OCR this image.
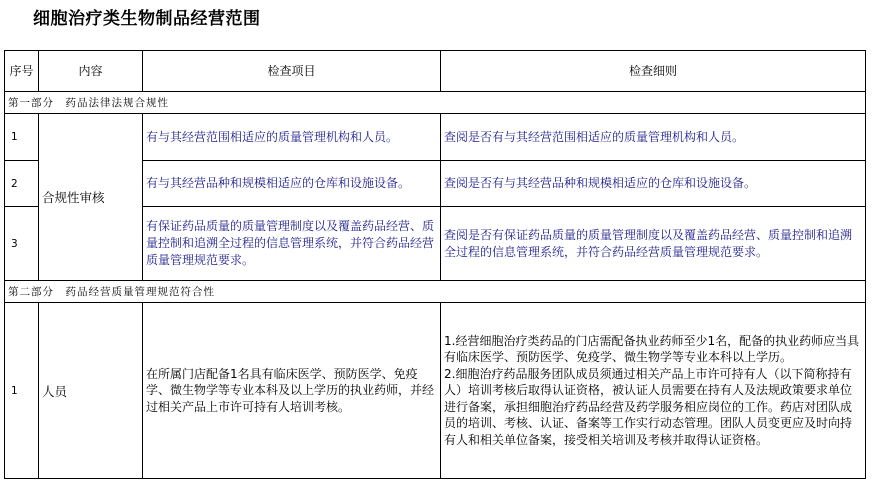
细胞治疗类生物制品经营范围
序号	内容	检查项目	检查细则
第一部分　药品法律法规合规性			
1	合规性审核	有与其经营范围相适应的质量管理机构和人员。	查阅是否有与其经营范围相适应的质量管理机构和人员。
2		有与其经营品种和规模相适应的仓库和设施设备。	查阅是否有与其经营品种和规模相适应的仓库和设施设备。
3		有保证药品质量的质量管理制度以及覆盖药品经营、质量控制和追溯全过程的信息管理系统，并符合药品经营质量管理规范要求。	查阅是否有保证药品质量的质量管理制度以及覆盖药品经营、质量控制和追溯全过程的信息管理系统，并符合药品经营质量管理规范要求。
第二部分　药品经营质量管理规范符合性			
1	人员	在所属门店配备1名具有临床医学、预防医学、免疫学、微生物学等专业本科及以上学历的执业药师，并经过相关产品上市许可持有人培训考核。	1.经营细胞治疗类药品的门店需配备执业药师至少1名，配备的执业药师应当具有临床医学、预防医学、免疫学、微生物学等专业本科以上学历。
2.细胞治疗药品服务团队成员须通过相关产品上市许可持有人（以下简称持有人）培训考核后取得认证资格，被认证人员需要在持有人及法规政策要求单位进行备案，承担细胞治疗药品经营及药学服务相应岗位的工作。药店对团队成员的培训、考核、认证、备案等工作实行动态管理。团队人员变更应及时向持有人和相关单位备案，接受相关培训及考核并取得认证资格。
